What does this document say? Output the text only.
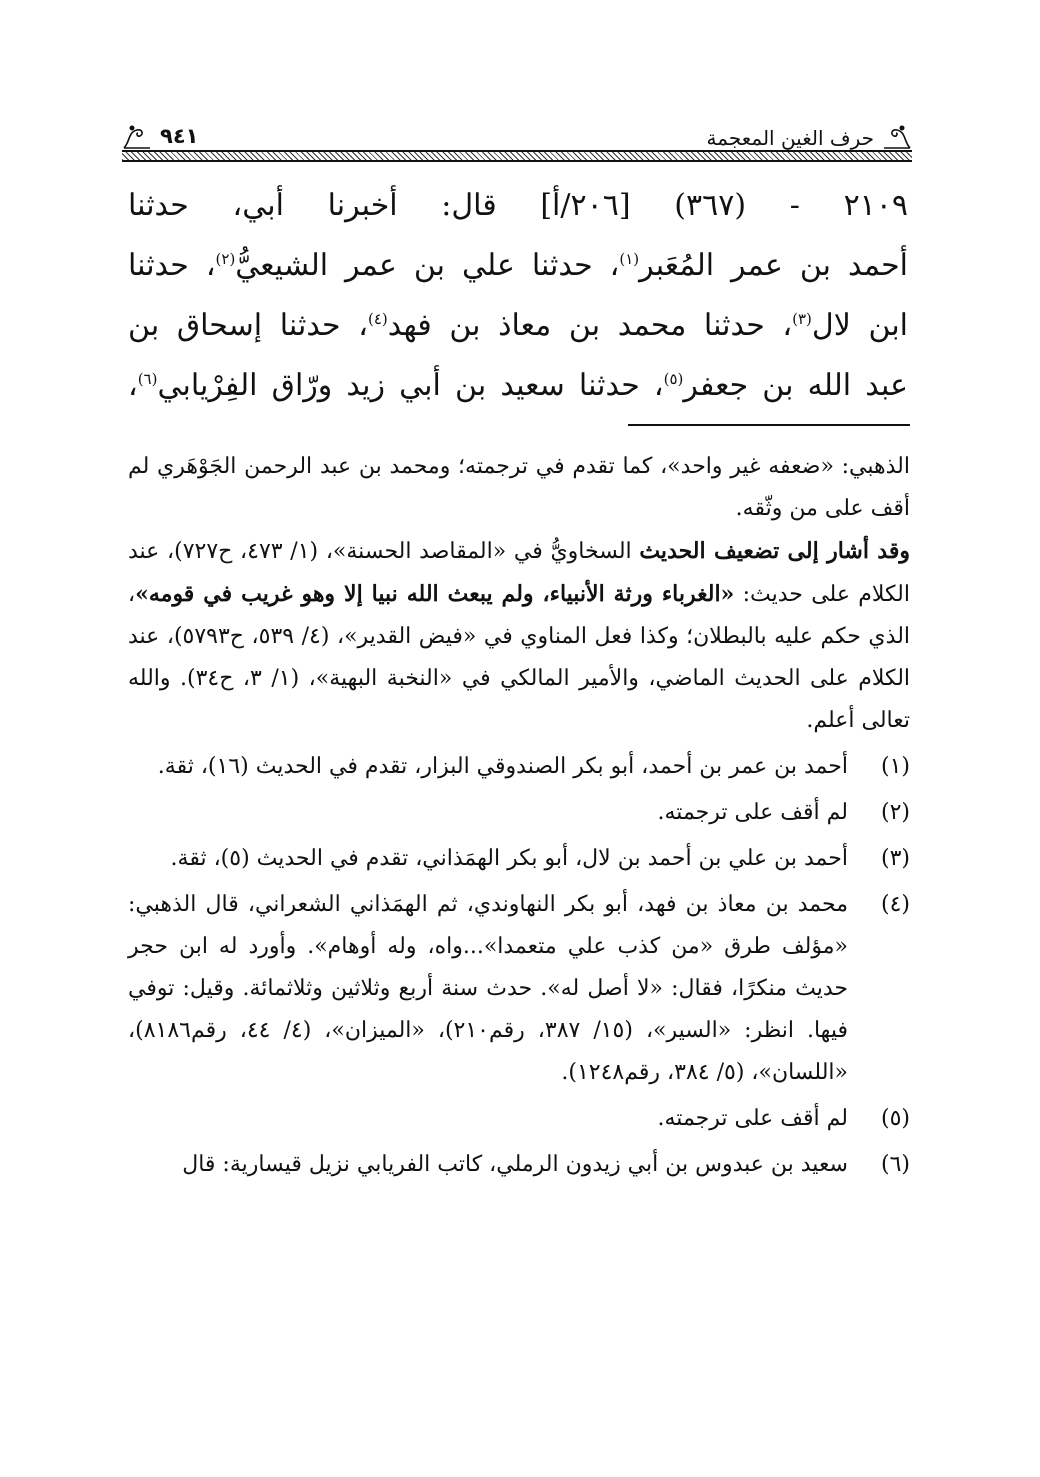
حرف الغين المعجمة
٩٤١
٢١٠٩ - (٣٦٧) [٢٠٦/أ] قال: أخبرنا أبي، حدثنا
أحمد بن عمر المُعَبر$^{(١)}$، حدثنا علي بن عمر الشيعيُّ$^{(٢)}$، حدثنا
ابن لال$^{(٣)}$، حدثنا محمد بن معاذ بن فهد$^{(٤)}$، حدثنا إسحاق بن
عبد الله بن جعفر$^{(٥)}$، حدثنا سعيد بن أبي زيد ورّاق الفِرْيابي$^{(٦)}$،

الذهبي: «ضعفه غير واحد»، كما تقدم في ترجمته؛ ومحمد بن عبد الرحمن الجَوْهَري لم أقف على من وثّقه.

وقد أشار إلى تضعيف الحديث السخاويُّ في «المقاصد الحسنة»، (١/ ٤٧٣، ح٧٢٧)، عند الكلام على حديث: «الغرباء ورثة الأنبياء، ولم يبعث الله نبيا إلا وهو غريب في قومه»، الذي حكم عليه بالبطلان؛ وكذا فعل المناوي في «فيض القدير»، (٤/ ٥٣٩، ح٥٧٩٣)، عند الكلام على الحديث الماضي، والأمير المالكي في «النخبة البهية»، (١/ ٣، ح٣٤). والله تعالى أعلم.

(١)
أحمد بن عمر بن أحمد، أبو بكر الصندوقي البزار، تقدم في الحديث (١٦)، ثقة.
(٢)
لم أقف على ترجمته.
(٣)
أحمد بن علي بن أحمد بن لال، أبو بكر الهمَذاني، تقدم في الحديث (٥)، ثقة.
(٤)
محمد بن معاذ بن فهد، أبو بكر النهاوندي، ثم الهمَذاني الشعراني، قال الذهبي: «مؤلف طرق «من كذب علي متعمدا»...واه، وله أوهام». وأورد له ابن حجر حديث منكرًا، فقال: «لا أصل له». حدث سنة أربع وثلاثين وثلاثمائة. وقيل: توفي فيها. انظر: «السير»، (١٥/ ٣٨٧، رقم٢١٠)، «الميزان»، (٤/ ٤٤، رقم٨١٨٦)، «اللسان»، (٥/ ٣٨٤، رقم١٢٤٨).
(٥)
لم أقف على ترجمته.
(٦)
سعيد بن عبدوس بن أبي زيدون الرملي، كاتب الفريابي نزيل قيسارية: قال
